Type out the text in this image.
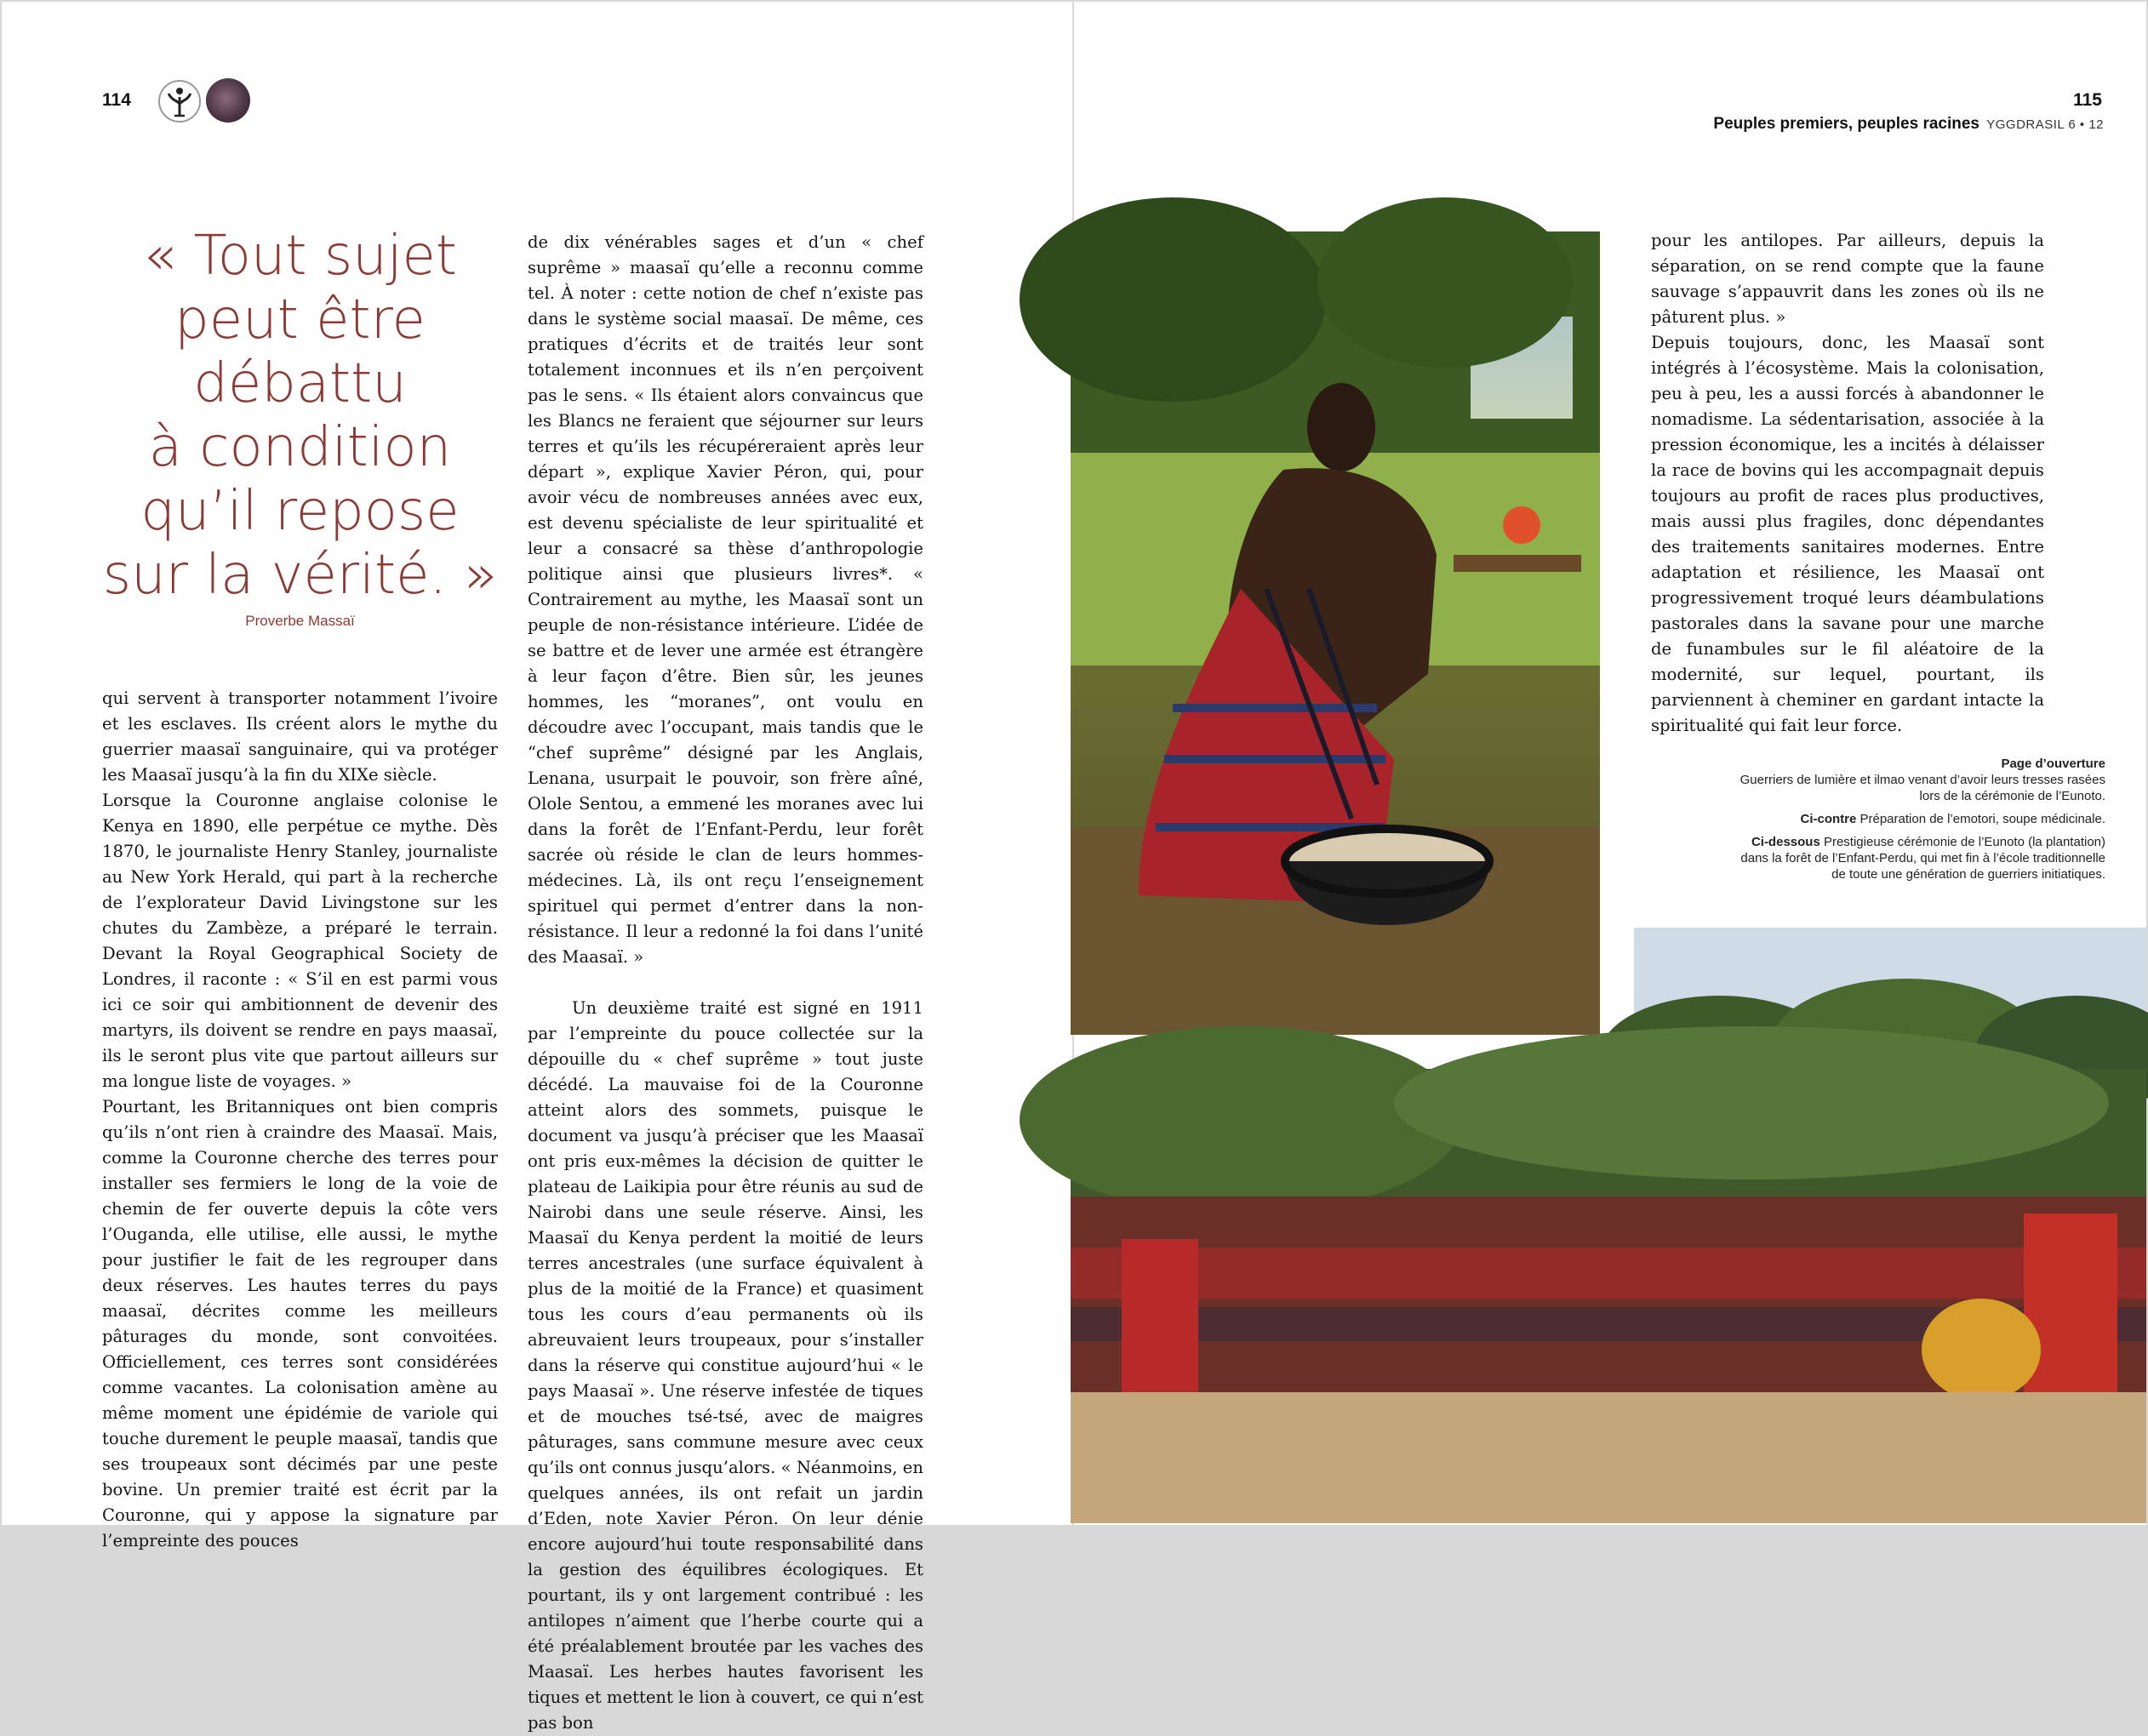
114
« Tout sujet
peut être
débattu
à condition
qu’il repose
sur la vérité. »
Proverbe Massaï

qui servent à transporter notamment l’ivoire et les esclaves. Ils créent alors le mythe du guerrier maasaï sanguinaire, qui va protéger les Maasaï jusqu’à la fin du XIXe siècle.

Lorsque la Couronne anglaise colonise le Kenya en 1890, elle perpétue ce mythe. Dès 1870, le journaliste Henry Stanley, journaliste au New York Herald, qui part à la recherche de l’explorateur David Livingstone sur les chutes du Zambèze, a préparé le terrain. Devant la Royal Geographical Society de Londres, il raconte : « S’il en est parmi vous ici ce soir qui ambitionnent de devenir des martyrs, ils doivent se rendre en pays maasaï, ils le seront plus vite que partout ailleurs sur ma longue liste de voyages. »

Pourtant, les Britanniques ont bien compris qu’ils n’ont rien à craindre des Maasaï. Mais, comme la Couronne cherche des terres pour installer ses fermiers le long de la voie de chemin de fer ouverte depuis la côte vers l’Ouganda, elle utilise, elle aussi, le mythe pour justifier le fait de les regrouper dans deux réserves. Les hautes terres du pays maasaï, décrites comme les meilleurs pâturages du monde, sont convoitées. Officiellement, ces terres sont considérées comme vacantes. La colonisation amène au même moment une épidémie de variole qui touche durement le peuple maasaï, tandis que ses troupeaux sont décimés par une peste bovine. Un premier traité est écrit par la Couronne, qui y appose la signature par l’empreinte des pouces

de dix vénérables sages et d’un « chef suprême » maasaï qu’elle a reconnu comme tel. À noter : cette notion de chef n’existe pas dans le système social maasaï. De même, ces pratiques d’écrits et de traités leur sont totalement inconnues et ils n’en perçoivent pas le sens. « Ils étaient alors convaincus que les Blancs ne feraient que séjourner sur leurs terres et qu’ils les récupéreraient après leur départ », explique Xavier Péron, qui, pour avoir vécu de nombreuses années avec eux, est devenu spécialiste de leur spiritualité et leur a consacré sa thèse d’anthropologie politique ainsi que plusieurs livres*. « Contrairement au mythe, les Maasaï sont un peuple de non-résistance intérieure. L’idée de se battre et de lever une armée est étrangère à leur façon d’être. Bien sûr, les jeunes hommes, les “moranes”, ont voulu en découdre avec l’occupant, mais tandis que le “chef suprême” désigné par les Anglais, Lenana, usurpait le pouvoir, son frère aîné, Olole Sentou, a emmené les moranes avec lui dans la forêt de l’Enfant-Perdu, leur forêt sacrée où réside le clan de leurs hommes-médecines. Là, ils ont reçu l’enseignement spirituel qui permet d’entrer dans la non-résistance. Il leur a redonné la foi dans l’unité des Maasaï. »

Un deuxième traité est signé en 1911 par l’empreinte du pouce collectée sur la dépouille du « chef suprême » tout juste décédé. La mauvaise foi de la Couronne atteint alors des sommets, puisque le document va jusqu’à préciser que les Maasaï ont pris eux-mêmes la décision de quitter le plateau de Laikipia pour être réunis au sud de Nairobi dans une seule réserve. Ainsi, les Maasaï du Kenya perdent la moitié de leurs terres ancestrales (une surface équivalent à plus de la moitié de la France) et quasiment tous les cours d’eau permanents où ils abreuvaient leurs troupeaux, pour s’installer dans la réserve qui constitue aujourd’hui « le pays Maasaï ». Une réserve infestée de tiques et de mouches tsé-tsé, avec de maigres pâturages, sans commune mesure avec ceux qu’ils ont connus jusqu’alors. « Néanmoins, en quelques années, ils ont refait un jardin d’Eden, note Xavier Péron. On leur dénie encore aujourd’hui toute responsabilité dans la gestion des équilibres écologiques. Et pourtant, ils y ont largement contribué : les antilopes n’aiment que l’herbe courte qui a été préalablement broutée par les vaches des Maasaï. Les herbes hautes favorisent les tiques et mettent le lion à couvert, ce qui n’est pas bon

115
Peuples premiers, peuples racines YGGDRASIL 6 • 12

pour les antilopes. Par ailleurs, depuis la séparation, on se rend compte que la faune sauvage s’appauvrit dans les zones où ils ne pâturent plus. »

Depuis toujours, donc, les Maasaï sont intégrés à l’écosystème. Mais la colonisation, peu à peu, les a aussi forcés à abandonner le nomadisme. La sédentarisation, associée à la pression économique, les a incités à délaisser la race de bovins qui les accompagnait depuis toujours au profit de races plus productives, mais aussi plus fragiles, donc dépendantes des traitements sanitaires modernes. Entre adaptation et résilience, les Maasaï ont progressivement troqué leurs déambulations pastorales dans la savane pour une marche de funambules sur le fil aléatoire de la modernité, sur lequel, pourtant, ils parviennent à cheminer en gardant intacte la spiritualité qui fait leur force.

Page d’ouverture
Guerriers de lumière et ilmao venant d’avoir leurs tresses rasées lors de la cérémonie de l’Eunoto.
Ci-contre Préparation de l’emotori, soupe médicinale.
Ci-dessous Prestigieuse cérémonie de l’Eunoto (la plantation) dans la forêt de l’Enfant-Perdu, qui met fin à l’école traditionnelle de toute une génération de guerriers initiatiques.
